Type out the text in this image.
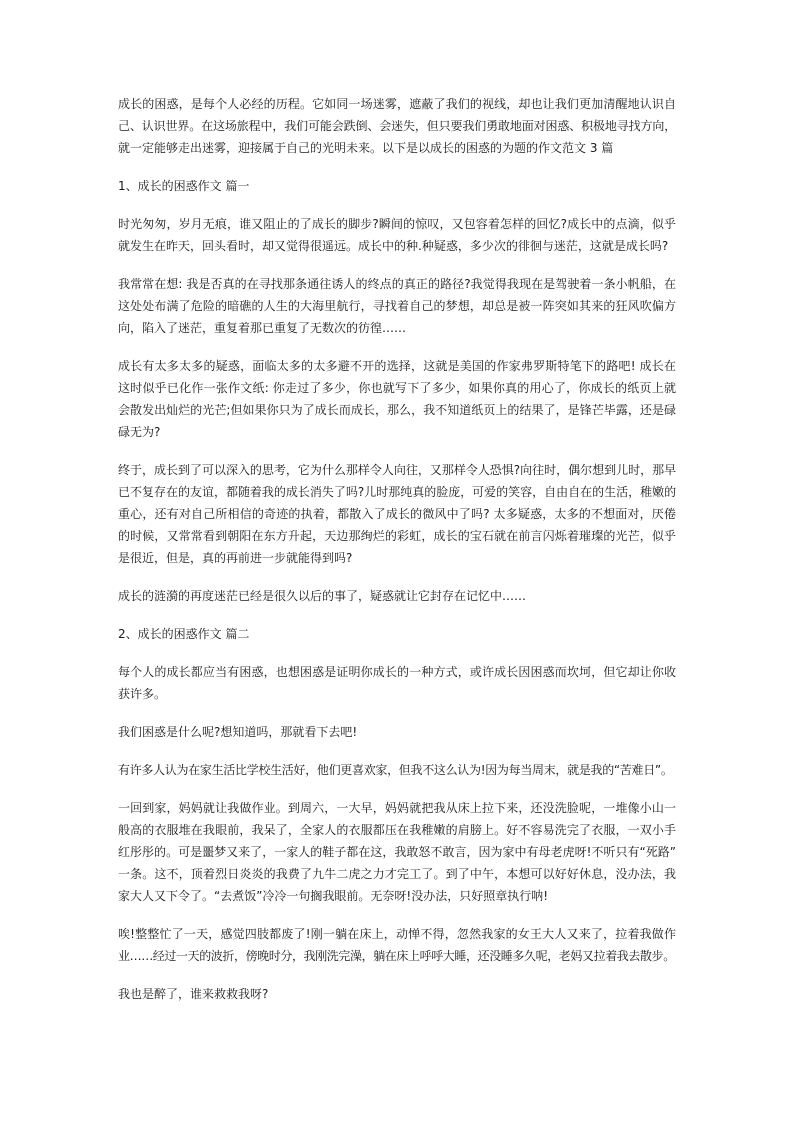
成长的困惑，是每个人必经的历程。它如同一场迷雾，遮蔽了我们的视线，却也让我们更加清醒地认识自
己、认识世界。在这场旅程中，我们可能会跌倒、会迷失，但只要我们勇敢地面对困惑、积极地寻找方向，
就一定能够走出迷雾，迎接属于自己的光明未来。以下是以成长的困惑的为题的作文范文 3 篇
1、成长的困惑作文 篇一
时光匆匆，岁月无痕，谁又阻止的了成长的脚步?瞬间的惊叹，又包容着怎样的回忆?成长中的点滴，似乎
就发生在昨天，回头看时，却又觉得很遥远。成长中的种.种疑惑，多少次的徘徊与迷茫，这就是成长吗?
我常常在想: 我是否真的在寻找那条通往诱人的终点的真正的路径?我觉得我现在是驾驶着一条小帆船，在
这处处布满了危险的暗礁的人生的大海里航行，寻找着自己的梦想，却总是被一阵突如其来的狂风吹偏方
向，陷入了迷茫，重复着那已重复了无数次的彷徨……
成长有太多太多的疑惑，面临太多的太多避不开的选择，这就是美国的作家弗罗斯特笔下的路吧! 成长在
这时似乎已化作一张作文纸: 你走过了多少，你也就写下了多少，如果你真的用心了，你成长的纸页上就
会散发出灿烂的光芒;但如果你只为了成长而成长，那么，我不知道纸页上的结果了，是锋芒毕露，还是碌
碌无为?
终于，成长到了可以深入的思考，它为什么那样令人向往，又那样令人恐惧?向往时，偶尔想到儿时，那早
已不复存在的友谊，都随着我的成长消失了吗?儿时那纯真的脸庞，可爱的笑容，自由自在的生活，稚嫩的
重心，还有对自己所相信的奇迹的执着，都散入了成长的微风中了吗? 太多疑惑，太多的不想面对，厌倦
的时候，又常常看到朝阳在东方升起，天边那绚烂的彩虹，成长的宝石就在前言闪烁着璀璨的光芒，似乎
是很近，但是，真的再前进一步就能得到吗?
成长的涟漪的再度迷茫已经是很久以后的事了，疑惑就让它封存在记忆中……
2、成长的困惑作文 篇二
每个人的成长都应当有困惑，也想困惑是证明你成长的一种方式，或许成长因困惑而坎坷，但它却让你收
获许多。
我们困惑是什么呢?想知道吗，那就看下去吧!
有许多人认为在家生活比学校生活好，他们更喜欢家，但我不这么认为!因为每当周末，就是我的“苦难日”。
一回到家，妈妈就让我做作业。到周六，一大早，妈妈就把我从床上拉下来，还没洗脸呢，一堆像小山一
般高的衣服堆在我眼前，我呆了，全家人的衣服都压在我稚嫩的肩膀上。好不容易洗完了衣服，一双小手
红彤彤的。可是噩梦又来了，一家人的鞋子都在这，我敢怒不敢言，因为家中有母老虎呀!不听只有“死路”
一条。这不，顶着烈日炎炎的我费了九牛二虎之力才完工了。到了中午，本想可以好好休息，没办法，我
家大人又下令了。“去煮饭”冷冷一句搁我眼前。无奈呀!没办法，只好照章执行呐!
唉!整整忙了一天，感觉四肢都废了!刚一躺在床上，动惮不得，忽然我家的女王大人又来了，拉着我做作
业……经过一天的波折，傍晚时分，我刚洗完澡，躺在床上呼呼大睡，还没睡多久呢，老妈又拉着我去散步。
我也是醉了，谁来救救我呀?
